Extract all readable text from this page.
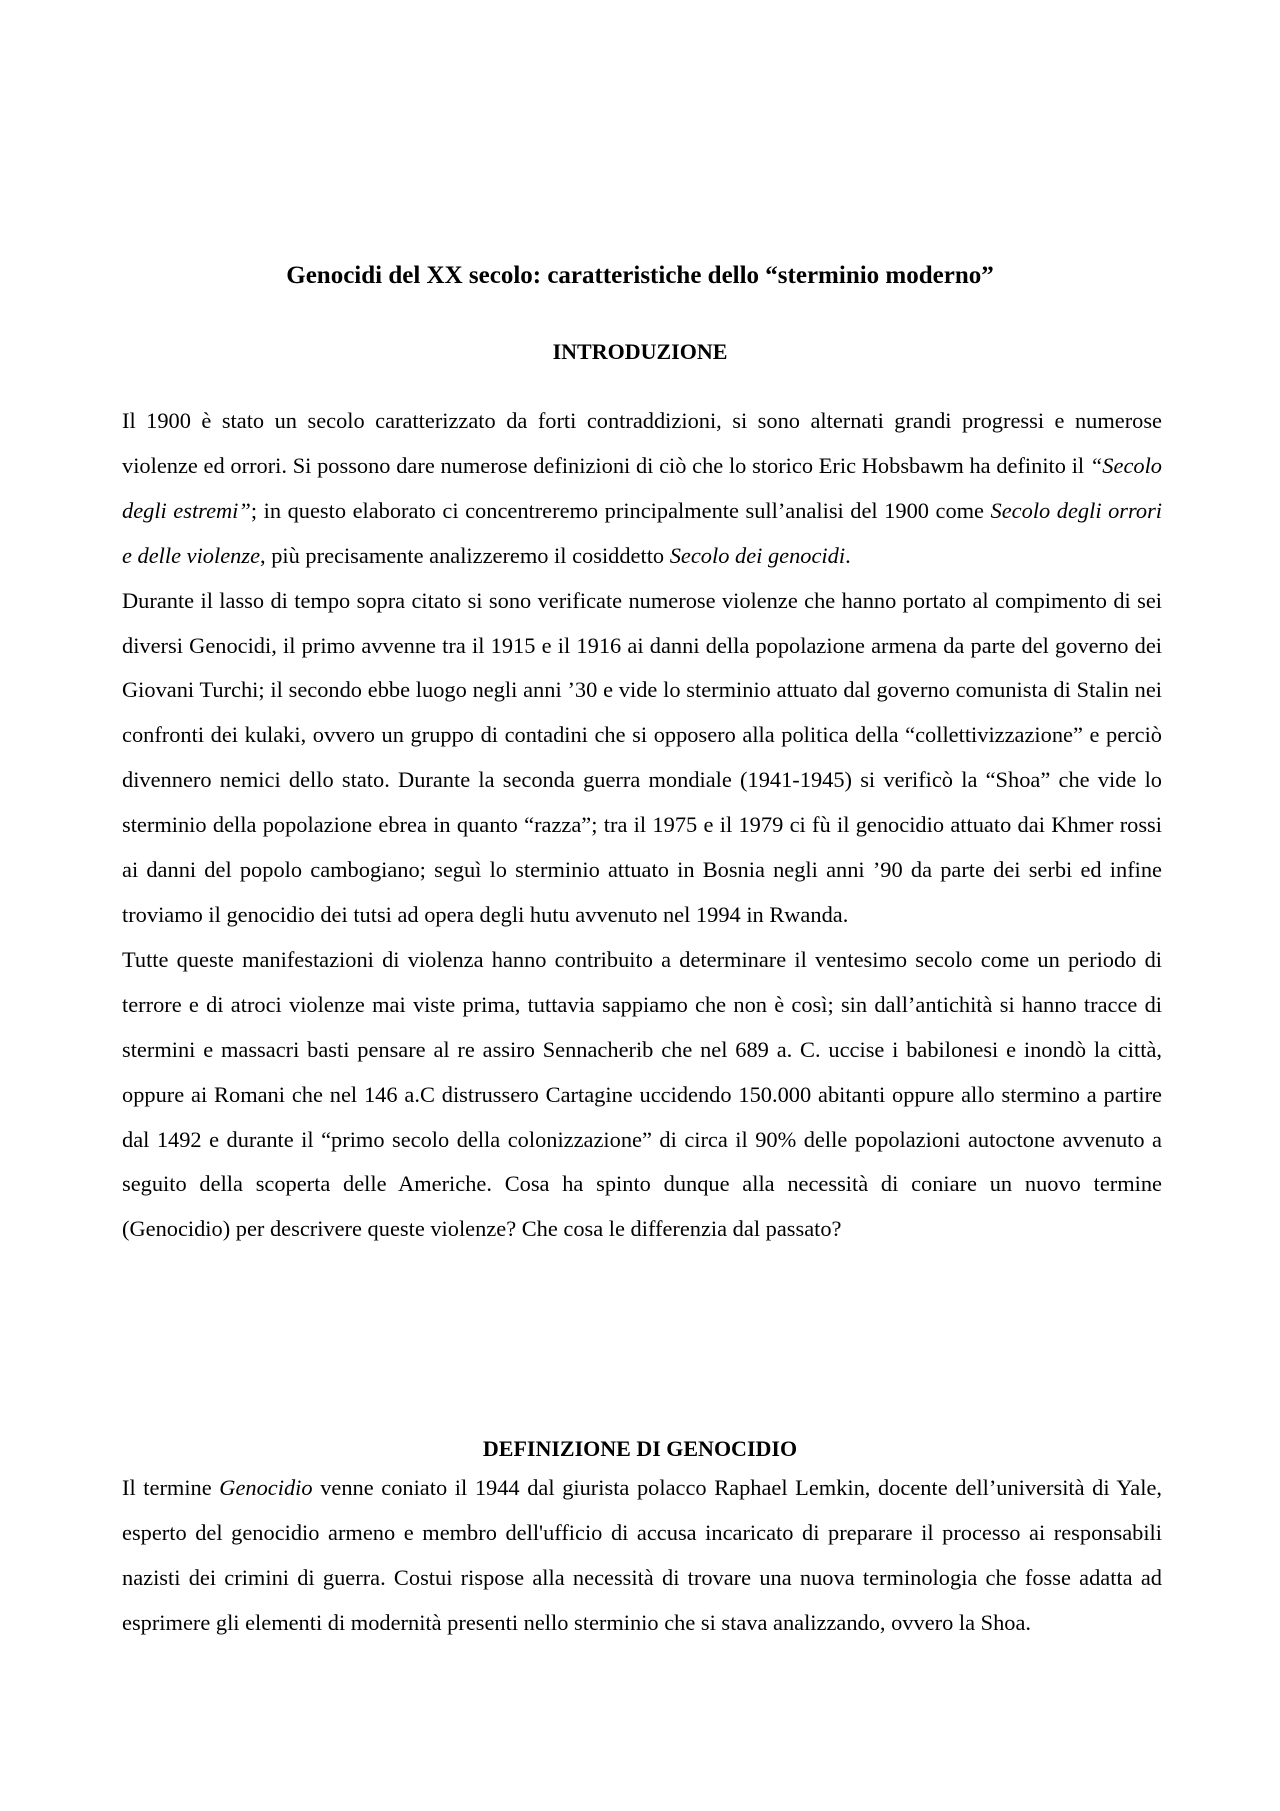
Genocidi del XX secolo: caratteristiche dello “sterminio moderno”
INTRODUZIONE

Il 1900 è stato un secolo caratterizzato da forti contraddizioni, si sono alternati grandi progressi e numerose violenze ed orrori. Si possono dare numerose definizioni di ciò che lo storico Eric Hobsbawm ha definito il “Secolo degli estremi”; in questo elaborato ci concentreremo principalmente sull’analisi del 1900 come Secolo degli orrori e delle violenze, più precisamente analizzeremo il cosiddetto Secolo dei genocidi.

Durante il lasso di tempo sopra citato si sono verificate numerose violenze che hanno portato al compimento di sei diversi Genocidi, il primo avvenne tra il 1915 e il 1916 ai danni della popolazione armena da parte del governo dei Giovani Turchi; il secondo ebbe luogo negli anni ’30 e vide lo sterminio attuato dal governo comunista di Stalin nei confronti dei kulaki, ovvero un gruppo di contadini che si opposero alla politica della “collettivizzazione” e perciò divennero nemici dello stato. Durante la seconda guerra mondiale (1941-1945) si verificò la “Shoa” che vide lo sterminio della popolazione ebrea in quanto “razza”; tra il 1975 e il 1979 ci fù il genocidio attuato dai Khmer rossi ai danni del popolo cambogiano; seguì lo sterminio attuato in Bosnia negli anni ’90 da parte dei serbi ed infine troviamo il genocidio dei tutsi ad opera degli hutu avvenuto nel 1994 in Rwanda.

Tutte queste manifestazioni di violenza hanno contribuito a determinare il ventesimo secolo come un periodo di terrore e di atroci violenze mai viste prima, tuttavia sappiamo che non è così; sin dall’antichità si hanno tracce di stermini e massacri basti pensare al re assiro Sennacherib che nel 689 a. C. uccise i babilonesi e inondò la città, oppure ai Romani che nel 146 a.C distrussero Cartagine uccidendo 150.000 abitanti oppure allo stermino a partire dal 1492 e durante il “primo secolo della colonizzazione” di circa il 90% delle popolazioni autoctone avvenuto a seguito della scoperta delle Americhe. Cosa ha spinto dunque alla necessità di coniare un nuovo termine (Genocidio) per descrivere queste violenze? Che cosa le differenzia dal passato?

DEFINIZIONE DI GENOCIDIO

Il termine Genocidio venne coniato il 1944 dal giurista polacco Raphael Lemkin, docente dell’università di Yale, esperto del genocidio armeno e membro dell'ufficio di accusa incaricato di preparare il processo ai responsabili nazisti dei crimini di guerra. Costui rispose alla necessità di trovare una nuova terminologia che fosse adatta ad esprimere gli elementi di modernità presenti nello sterminio che si stava analizzando, ovvero la Shoa.
